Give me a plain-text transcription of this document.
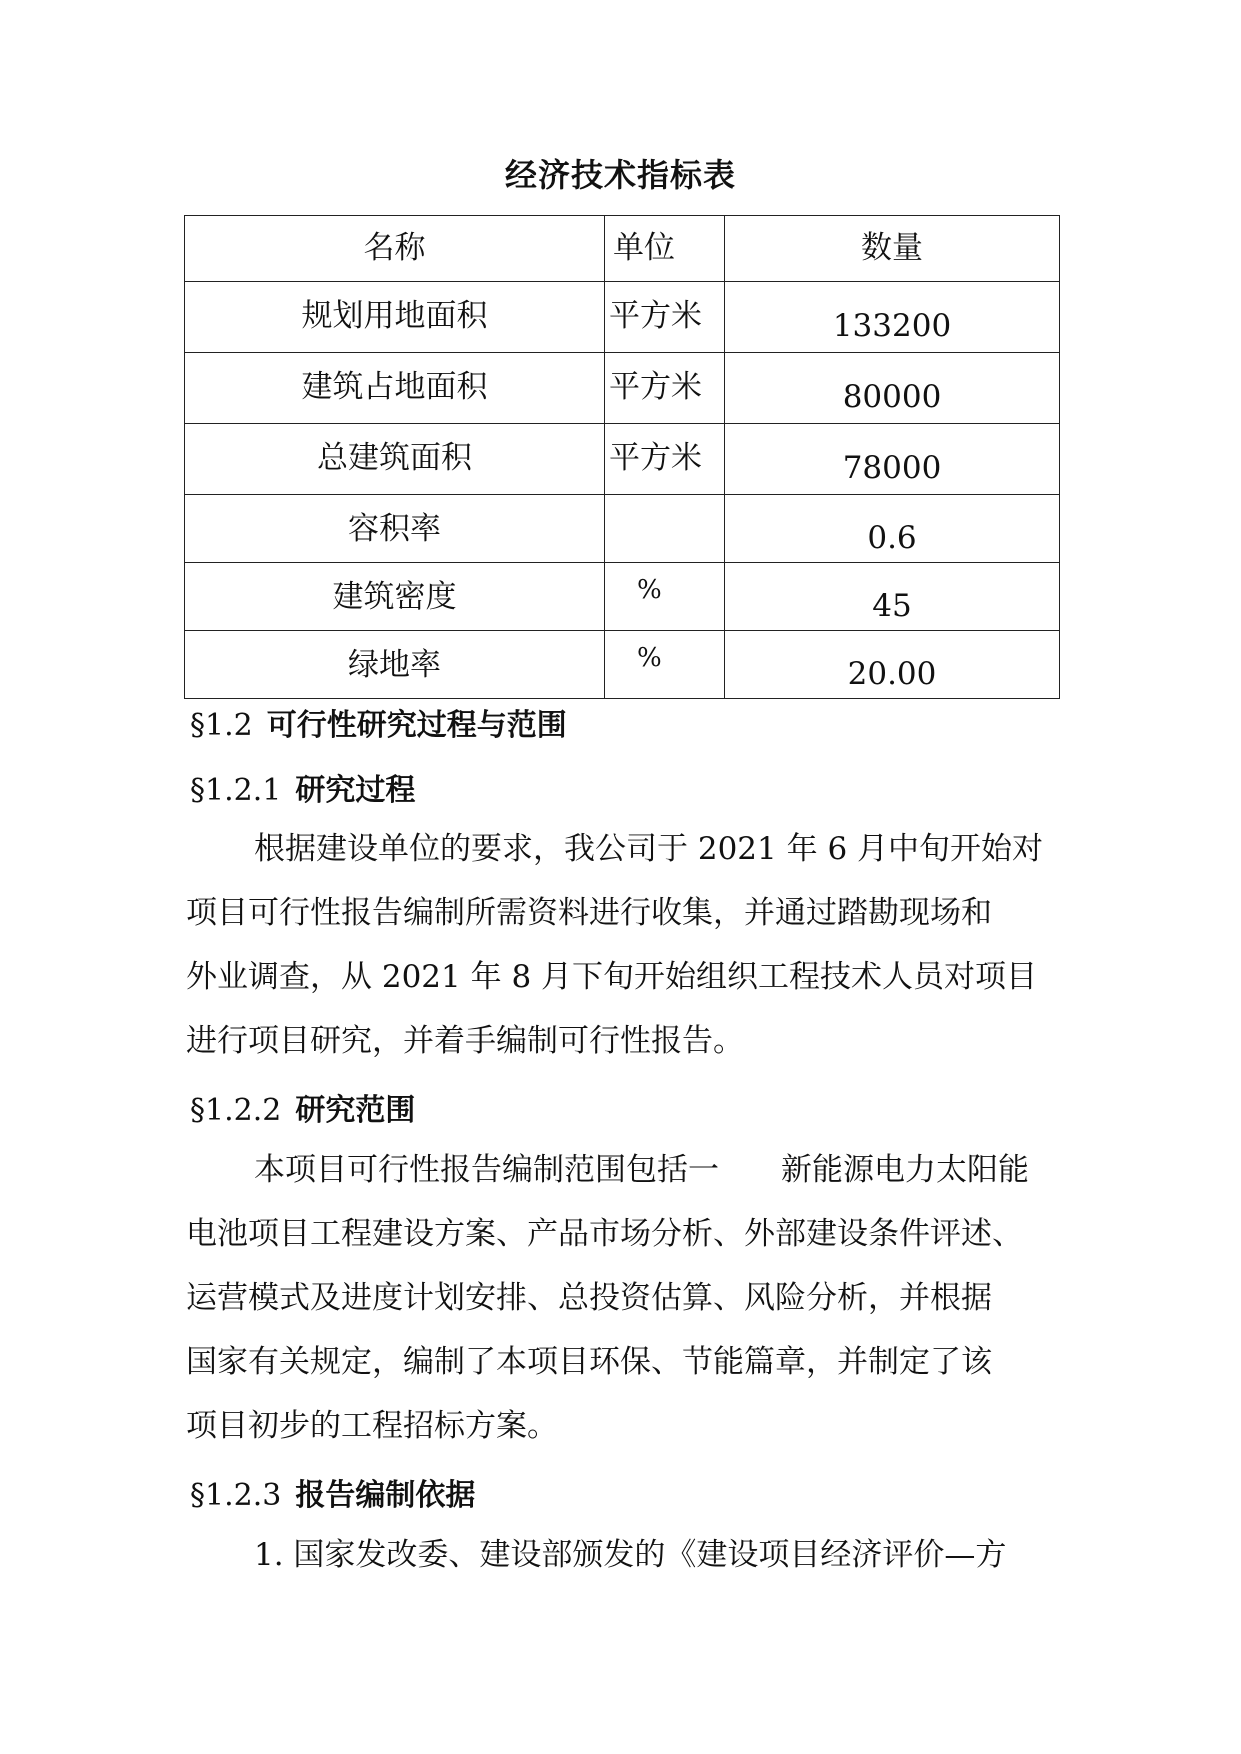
经济技术指标表
名称	单位	数量
规划用地面积	平方米	133200
建筑占地面积	平方米	80000
总建筑面积	平方米	78000
容积率		0.6
建筑密度	%	45
绿地率	%	20.00
§1.2 可行性研究过程与范围
§1.2.1 研究过程
根据建设单位的要求，我公司于 2021 年 6 月中旬开始对
项目可行性报告编制所需资料进行收集，并通过踏勘现场和
外业调查，从 2021 年 8 月下旬开始组织工程技术人员对项目
进行项目研究，并着手编制可行性报告。
§1.2.2 研究范围
本项目可行性报告编制范围包括一　　新能源电力太阳能
电池项目工程建设方案、产品市场分析、外部建设条件评述、
运营模式及进度计划安排、总投资估算、风险分析，并根据
国家有关规定，编制了本项目环保、节能篇章，并制定了该
项目初步的工程招标方案。
§1.2.3 报告编制依据
1. 国家发改委、建设部颁发的《建设项目经济评价—方
